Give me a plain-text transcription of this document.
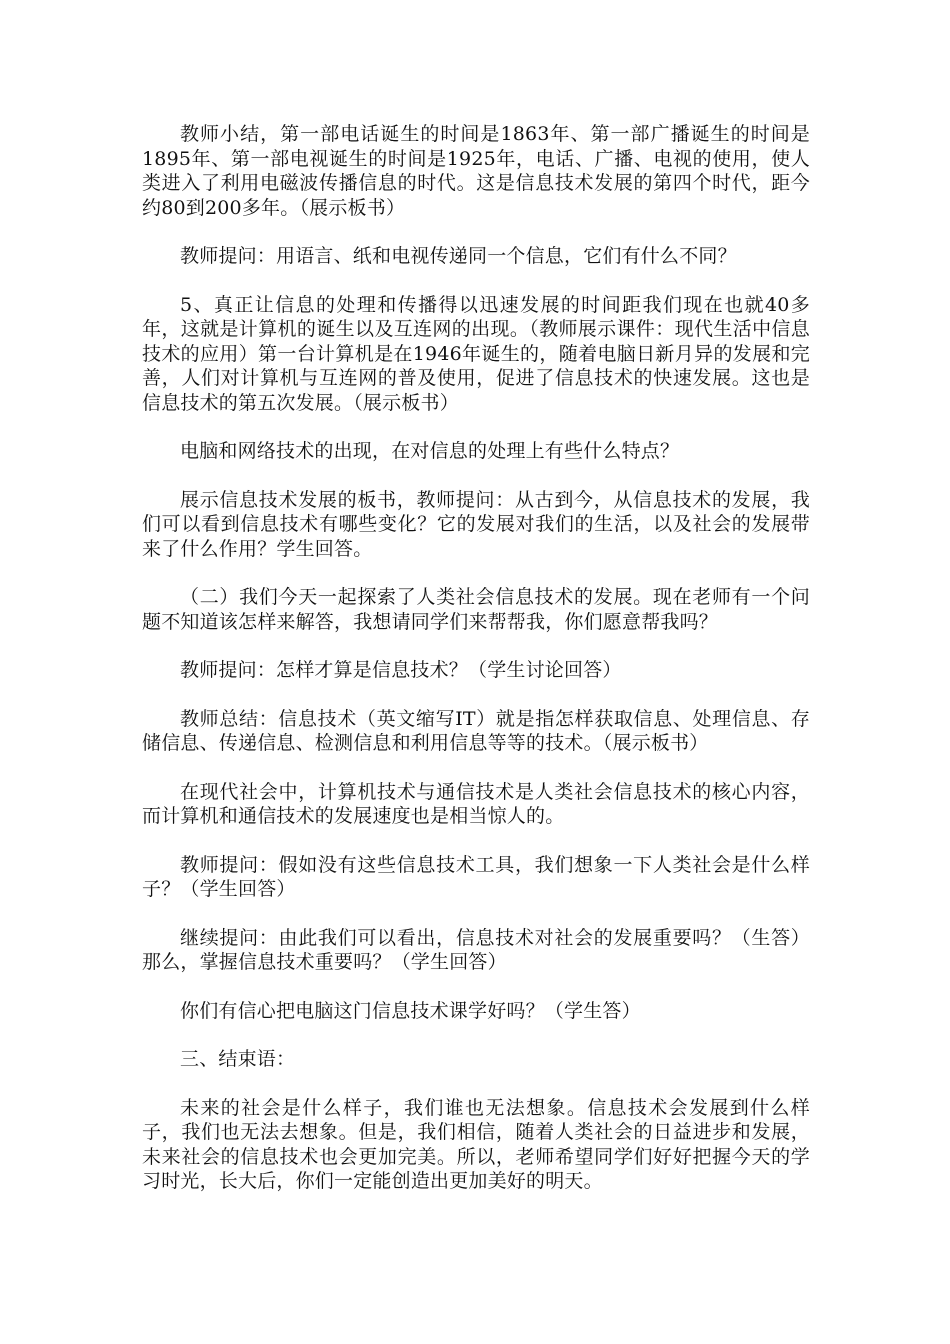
教师小结，第一部电话诞生的时间是1863年、第一部广播诞生的时间是1895年、第一部电视诞生的时间是1925年，电话、广播、电视的使用，使人类进入了利用电磁波传播信息的时代。这是信息技术发展的第四个时代，距今约80到200多年。（展示板书）

教师提问：用语言、纸和电视传递同一个信息，它们有什么不同？

5、真正让信息的处理和传播得以迅速发展的时间距我们现在也就40多年，这就是计算机的诞生以及互连网的出现。（教师展示课件：现代生活中信息技术的应用）第一台计算机是在1946年诞生的，随着电脑日新月异的发展和完善，人们对计算机与互连网的普及使用，促进了信息技术的快速发展。这也是信息技术的第五次发展。（展示板书）

电脑和网络技术的出现，在对信息的处理上有些什么特点？

展示信息技术发展的板书，教师提问：从古到今，从信息技术的发展，我们可以看到信息技术有哪些变化？它的发展对我们的生活，以及社会的发展带来了什么作用？学生回答。

（二）我们今天一起探索了人类社会信息技术的发展。现在老师有一个问题不知道该怎样来解答，我想请同学们来帮帮我，你们愿意帮我吗？

教师提问：怎样才算是信息技术？（学生讨论回答）

教师总结：信息技术（英文缩写IT）就是指怎样获取信息、处理信息、存储信息、传递信息、检测信息和利用信息等等的技术。（展示板书）

在现代社会中，计算机技术与通信技术是人类社会信息技术的核心内容，而计算机和通信技术的发展速度也是相当惊人的。

教师提问：假如没有这些信息技术工具，我们想象一下人类社会是什么样子？（学生回答）

继续提问：由此我们可以看出，信息技术对社会的发展重要吗？（生答）那么，掌握信息技术重要吗？（学生回答）

你们有信心把电脑这门信息技术课学好吗？（学生答）

三、结束语：

未来的社会是什么样子，我们谁也无法想象。信息技术会发展到什么样子，我们也无法去想象。但是，我们相信，随着人类社会的日益进步和发展，未来社会的信息技术也会更加完美。所以，老师希望同学们好好把握今天的学习时光，长大后，你们一定能创造出更加美好的明天。
